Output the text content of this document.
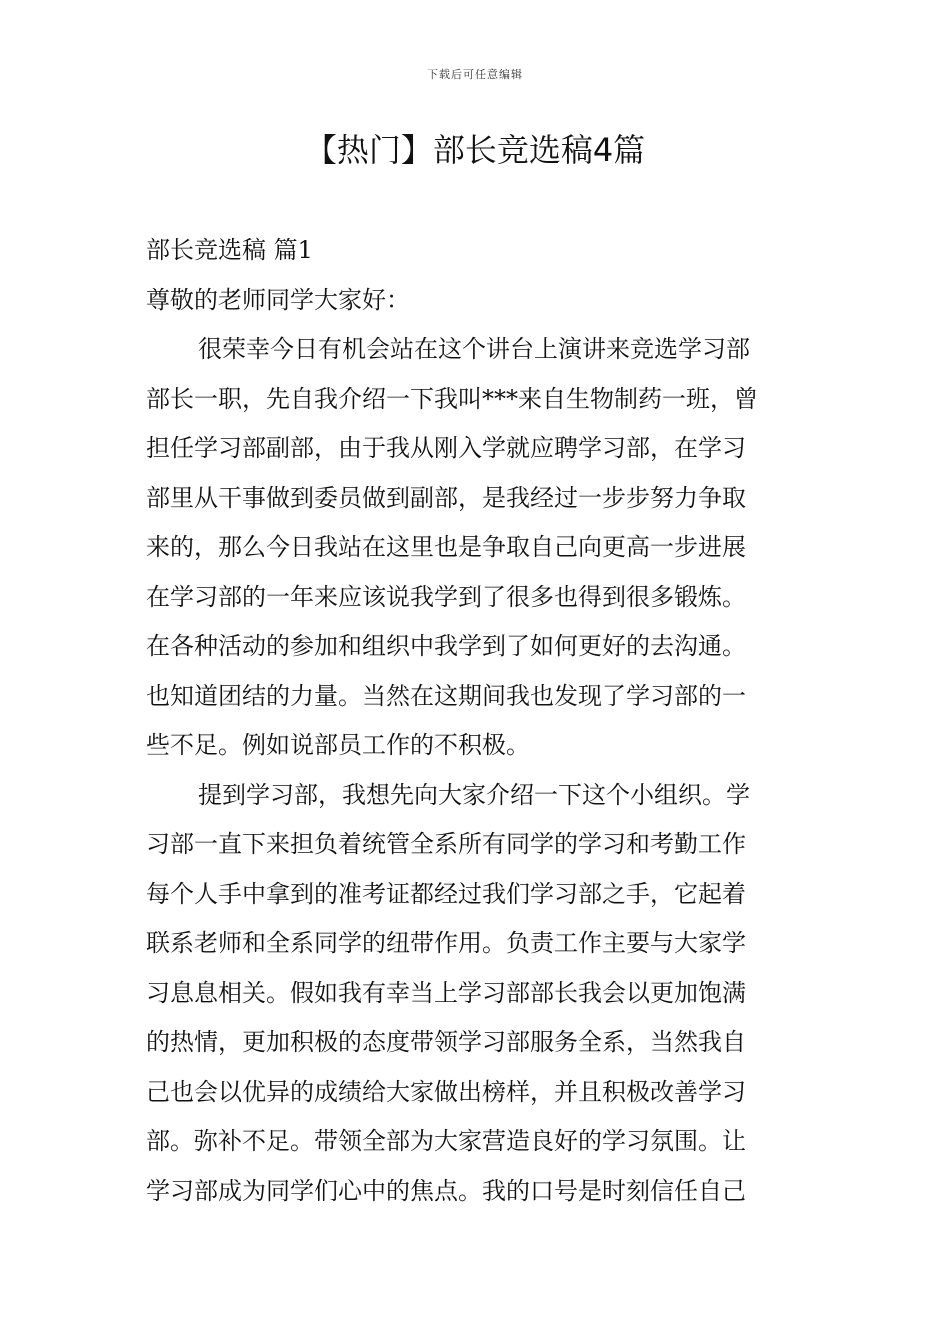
下载后可任意编辑
【热门】部长竞选稿4篇
部长竞选稿 篇1
尊敬的老师同学大家好：
很荣幸今日有机会站在这个讲台上演讲来竞选学习部
部长一职，先自我介绍一下我叫***来自生物制药一班，曾
担任学习部副部，由于我从刚入学就应聘学习部，在学习
部里从干事做到委员做到副部，是我经过一步步努力争取
来的，那么今日我站在这里也是争取自己向更高一步进展
在学习部的一年来应该说我学到了很多也得到很多锻炼。
在各种活动的参加和组织中我学到了如何更好的去沟通。
也知道团结的力量。当然在这期间我也发现了学习部的一
些不足。例如说部员工作的不积极。
提到学习部，我想先向大家介绍一下这个小组织。学
习部一直下来担负着统管全系所有同学的学习和考勤工作
每个人手中拿到的准考证都经过我们学习部之手，它起着
联系老师和全系同学的纽带作用。负责工作主要与大家学
习息息相关。假如我有幸当上学习部部长我会以更加饱满
的热情，更加积极的态度带领学习部服务全系，当然我自
己也会以优异的成绩给大家做出榜样，并且积极改善学习
部。弥补不足。带领全部为大家营造良好的学习氛围。让
学习部成为同学们心中的焦点。我的口号是时刻信任自己
